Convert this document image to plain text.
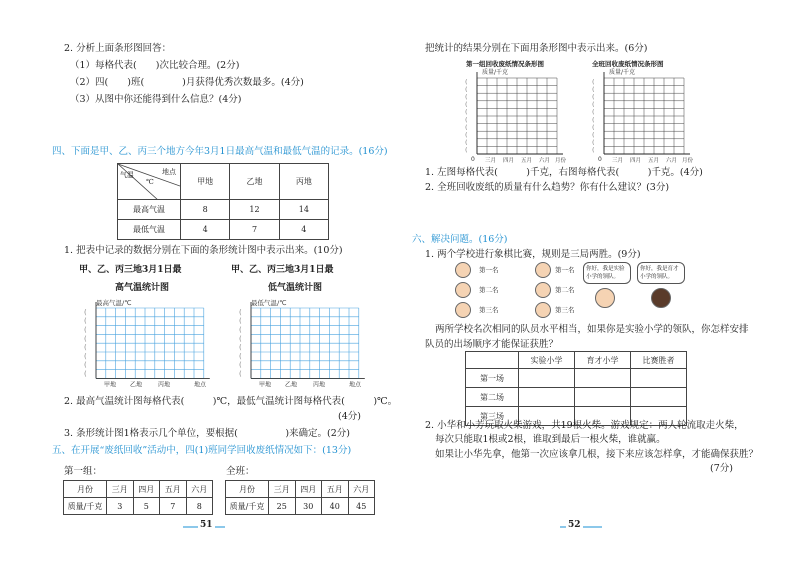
2. 分析上面条形图回答：
（1）每格代表(　　)次比较合理。(2分)
（2）四(　　)班(　　　　)月获得优秀次数最多。(4分)
（3）从图中你还能得到什么信息？(4分)
四、下面是甲、乙、丙三个地方今年3月1日最高气温和最低气温的记录。(16分)
地点
℃
气温	甲地	乙地	丙地
最高气温	8	12	14
最低气温	4	7	4
1. 把表中记录的数据分别在下面的条形统计图中表示出来。(10分)
甲、乙、丙三地3月1日最
高气温统计图
甲、乙、丙三地3月1日最
低气温统计图
最高气温/℃
(
(
(
(
(
(
(
(
甲地 乙地	丙地	地点
最低气温/℃
(
(
(
(
(
(
(
(
甲地 乙地	丙地	地点
2. 最高气温统计图每格代表(　　　)℃，最低气温统计图每格代表(　　　)℃。
(4分)
3. 条形统计图1格表示几个单位，要根据(　　　　　)来确定。(2分)
五、在开展“废纸回收”活动中，四(1)班同学回收废纸情况如下：(13分)
第一组：
月份	三月	四月	五月	六月
质量/千克	3	5	7	8
全班：
月份	三月	四月	五月	六月
质量/千克	25	30	40	45
51
把统计的结果分别在下面用条形图中表示出来。(6分)
第一组回收废纸情况条形图	全班回收废纸情况条形图
质量/千克
(
(
(
(
(
(
(
(
(
(
0 三月 四月 五月 六月 月份
质量/千克
(
(
(
(
(
(
(
(
(
(
0 三月 四月 五月 六月 月份
1. 左图每格代表(　　　)千克，右图每格代表(　　　)千克。(4分)
2. 全班回收废纸的质量有什么趋势？你有什么建议？(3分)
六、解决问题。(16分)
1. 两个学校进行象棋比赛，规则是三局两胜。(9分)
第一名
第二名
第三名
第一名
第二名
第三名
你好，我是实验小学的领队。
你好，我是育才小学的领队。
两所学校名次相同的队员水平相当，如果你是实验小学的领队，你怎样安排
队员的出场顺序才能保证获胜？
	实验小学	育才小学	比赛胜者
第一场			
第二场			
第三场			
2. 小华和小芳玩取火柴游戏，共19根火柴。游戏规定：两人轮流取走火柴，
每次只能取1根或2根，谁取到最后一根火柴，谁就赢。
如果让小华先拿，他第一次应该拿几根，接下来应该怎样拿，才能确保获胜？
(7分)
52
